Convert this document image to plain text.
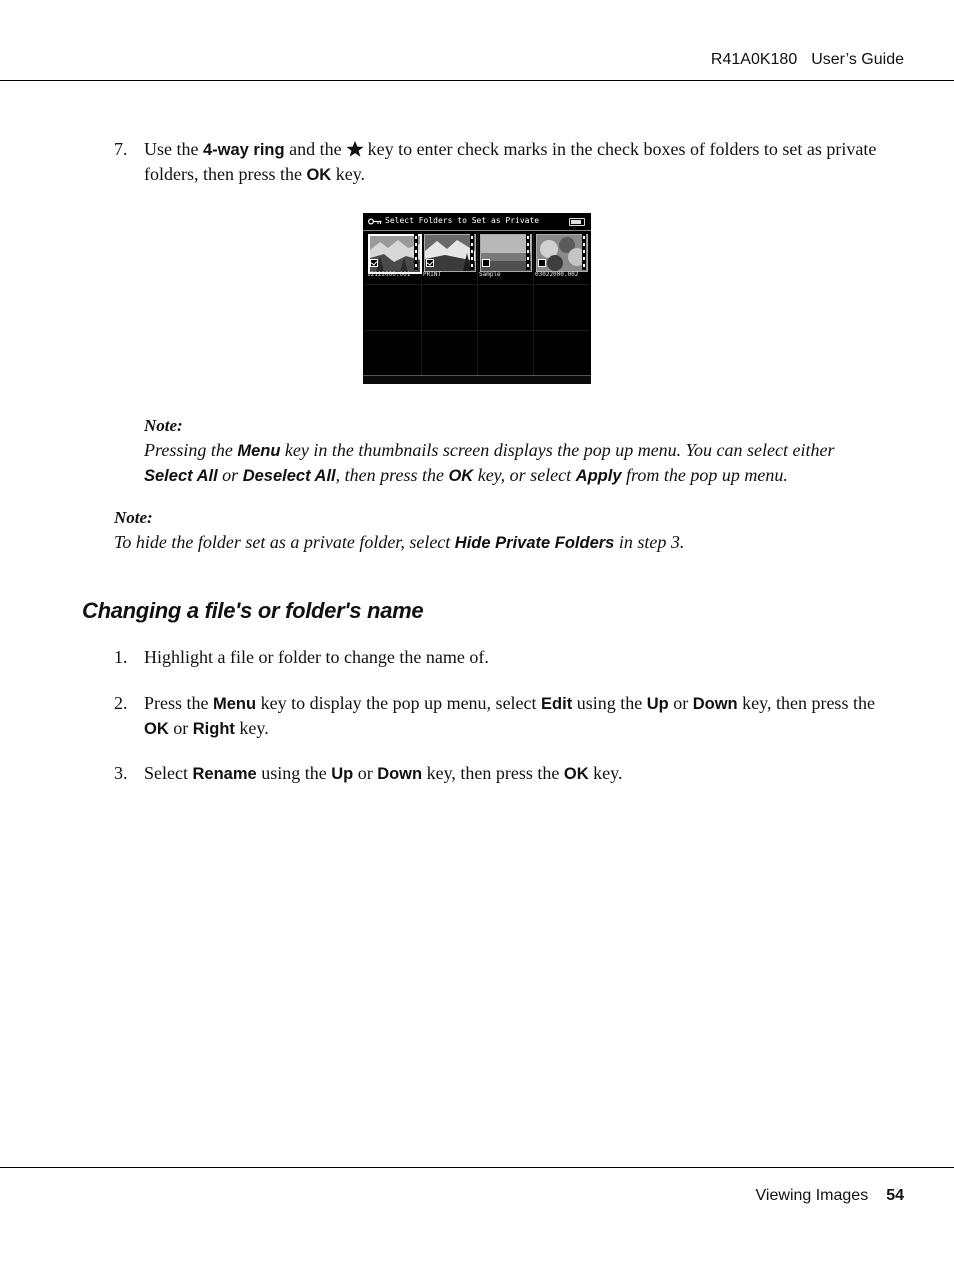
R41A0K180 User’s Guide
7. Use the 4-way ring and the key to enter check marks in the check boxes of folders to set as private folders, then press the OK key.
Select Folders to Set as Private
12122000.001 PRINT	Sample	03022000.002
Note:
Pressing the Menu key in the thumbnails screen displays the pop up menu. You can select either Select All or Deselect All, then press the OK key, or select Apply from the pop up menu.
Note:
To hide the folder set as a private folder, select Hide Private Folders in step 3.
Changing a file's or folder's name
1. Highlight a file or folder to change the name of.
2. Press the Menu key to display the pop up menu, select Edit using the Up or Down key, then press the OK or Right key.
3. Select Rename using the Up or Down key, then press the OK key.
Viewing Images 54
